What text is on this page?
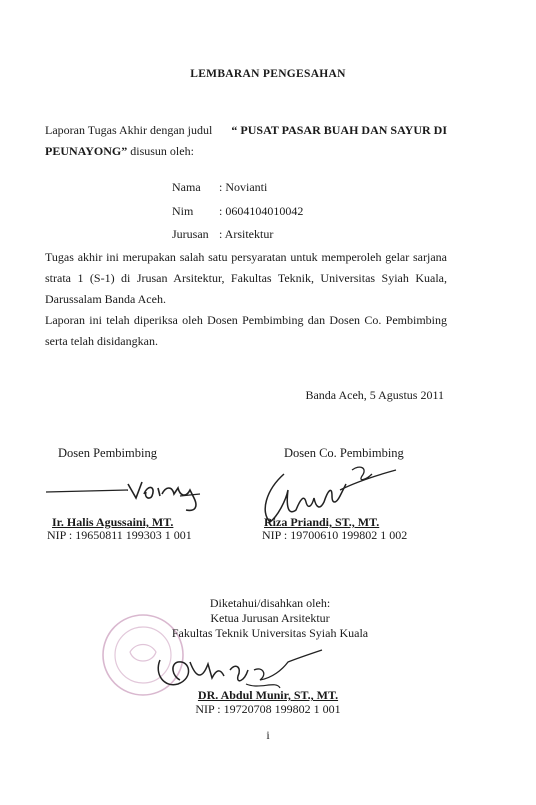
LEMBARAN PENGESAHAN
Laporan Tugas Akhir dengan judul “ PUSAT PASAR BUAH DAN SAYUR DI
PEUNAYONG” disusun oleh:
Nama : Novianti
Nim : 0604104010042
Jurusan : Arsitektur
Tugas akhir ini merupakan salah satu persyaratan untuk memperoleh gelar sarjana
strata 1 (S-1) di Jrusan Arsitektur, Fakultas Teknik, Universitas Syiah Kuala,
Darussalam Banda Aceh.
Laporan ini telah diperiksa oleh Dosen Pembimbing dan Dosen Co. Pembimbing
serta telah disidangkan.
Banda Aceh, 5 Agustus 2011
Dosen Pembimbing
Ir. Halis Agussaini, MT.
NIP : 19650811 199303 1 001
Dosen Co. Pembimbing
Riza Priandi, ST., MT.
NIP : 19700610 199802 1 002
Diketahui/disahkan oleh:
Ketua Jurusan Arsitektur
Fakultas Teknik Universitas Syiah Kuala
DR. Abdul Munir, ST., MT.
NIP : 19720708 199802 1 001
i
